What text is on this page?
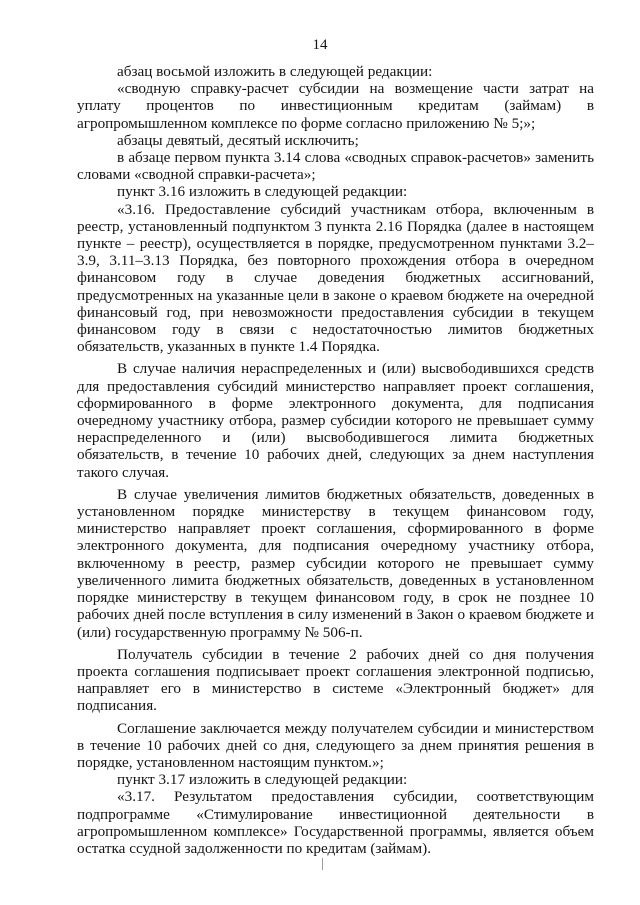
14

абзац восьмой изложить в следующей редакции:

«сводную справку-расчет субсидии на возмещение части затрат на уплату процентов по инвестиционным кредитам (займам) в агропромышленном комплексе по форме согласно приложению № 5;»;

абзацы девятый, десятый исключить;

в абзаце первом пункта 3.14 слова «сводных справок-расчетов» заменить словами «сводной справки-расчета»;

пункт 3.16 изложить в следующей редакции:

«3.16. Предоставление субсидий участникам отбора, включенным в реестр, установленный подпунктом 3 пункта 2.16 Порядка (далее в настоящем пункте – реестр), осуществляется в порядке, предусмотренном пунктами 3.2–3.9, 3.11–3.13 Порядка, без повторного прохождения отбора в очередном финансовом году в случае доведения бюджетных ассигнований, предусмотренных на указанные цели в законе о краевом бюджете на очередной финансовый год, при невозможности предоставления субсидии в текущем финансовом году в связи с недостаточностью лимитов бюджетных обязательств, указанных в пункте 1.4 Порядка.

В случае наличия нераспределенных и (или) высвободившихся средств для предоставления субсидий министерство направляет проект соглашения, сформированного в форме электронного документа, для подписания очередному участнику отбора, размер субсидии которого не превышает сумму нераспределенного и (или) высвободившегося лимита бюджетных обязательств, в течение 10 рабочих дней, следующих за днем наступления такого случая.

В случае увеличения лимитов бюджетных обязательств, доведенных в установленном порядке министерству в текущем финансовом году, министерство направляет проект соглашения, сформированного в форме электронного документа, для подписания очередному участнику отбора, включенному в реестр, размер субсидии которого не превышает сумму увеличенного лимита бюджетных обязательств, доведенных в установленном порядке министерству в текущем финансовом году, в срок не позднее 10 рабочих дней после вступления в силу изменений в Закон о краевом бюджете и (или) государственную программу № 506-п.

Получатель субсидии в течение 2 рабочих дней со дня получения проекта соглашения подписывает проект соглашения электронной подписью, направляет его в министерство в системе «Электронный бюджет» для подписания.

Соглашение заключается между получателем субсидии и министерством в течение 10 рабочих дней со дня, следующего за днем принятия решения в порядке, установленном настоящим пунктом.»;

пункт 3.17 изложить в следующей редакции:

«3.17. Результатом предоставления субсидии, соответствующим подпрограмме «Стимулирование инвестиционной деятельности в агропромышленном комплексе» Государственной программы, является объем остатка ссудной задолженности по кредитам (займам).
